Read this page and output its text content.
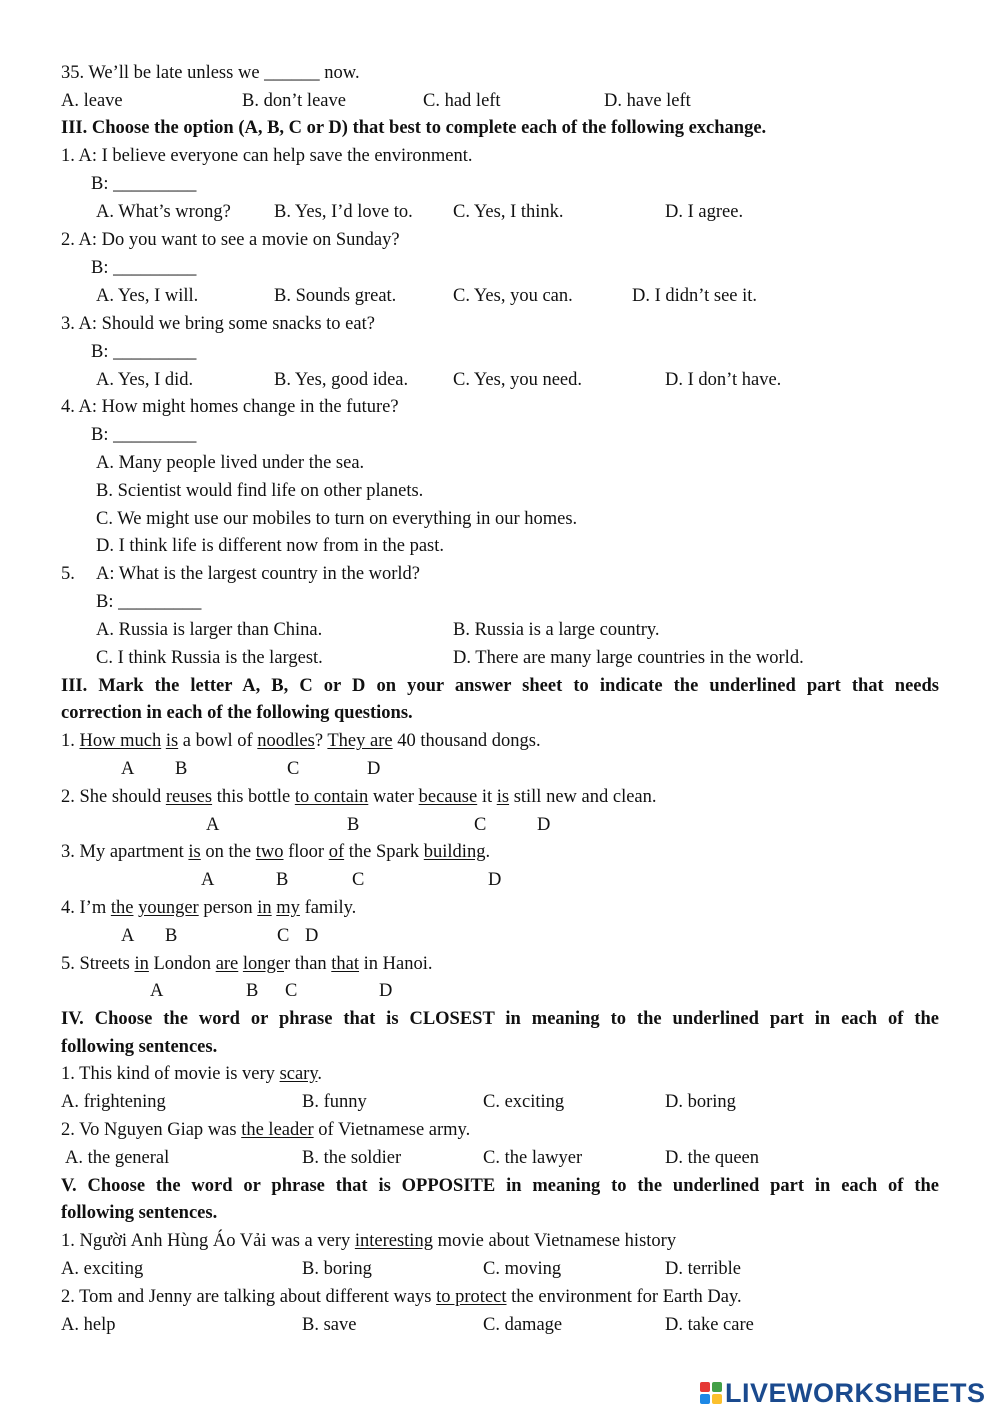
35. We’ll be late unless we ______ now.
A. leave	B. don’t leave	C. had left	D. have left
III. Choose the option (A, B, C or D) that best to complete each of the following exchange.
1. A: I believe everyone can help save the environment.
B: _________
A. What’s wrong? B. Yes, I’d love to. C. Yes, I think.	D. I agree.
2. A: Do you want to see a movie on Sunday?
B: _________
A. Yes, I will.	B. Sounds great.	C. Yes, you can.	D. I didn’t see it.
3. A: Should we bring some snacks to eat?
B: _________
A. Yes, I did.	B. Yes, good idea. C. Yes, you need.	D. I don’t have.
4. A: How might homes change in the future?
B: _________
A. Many people lived under the sea.
B. Scientist would find life on other planets.
C. We might use our mobiles to turn on everything in our homes.
D. I think life is different now from in the past.
5. A: What is the largest country in the world?
B: _________
A. Russia is larger than China.	B. Russia is a large country.
C. I think Russia is the largest.	D. There are many large countries in the world.
III. Mark the letter A, B, C or D on your answer sheet to indicate the underlined part that needs
correction in each of the following questions.
1. How much is a bowl of noodles? They are 40 thousand dongs.
A B	C	D
2. She should reuses this bottle to contain water because it is still new and clean.
A	B	C	D
3. My apartment is on the two floor of the Spark building.
A	B	C	D
4. I’m the younger person in my family.
A B	C D
5. Streets in London are longer than that in Hanoi.
A	B C	D
IV. Choose the word or phrase that is CLOSEST in meaning to the underlined part in each of the
following sentences.
1. This kind of movie is very scary.
A. frightening	B. funny	C. exciting	D. boring
2. Vo Nguyen Giap was the leader of Vietnamese army.
A. the general	B. the soldier	C. the lawyer	D. the queen
V. Choose the word or phrase that is OPPOSITE in meaning to the underlined part in each of the
following sentences.
1. Người Anh Hùng Áo Vải was a very interesting movie about Vietnamese history
A. exciting	B. boring	C. moving	D. terrible
2. Tom and Jenny are talking about different ways to protect the environment for Earth Day.
A. help	B. save	C. damage	D. take care
LIVEWORKSHEETS
